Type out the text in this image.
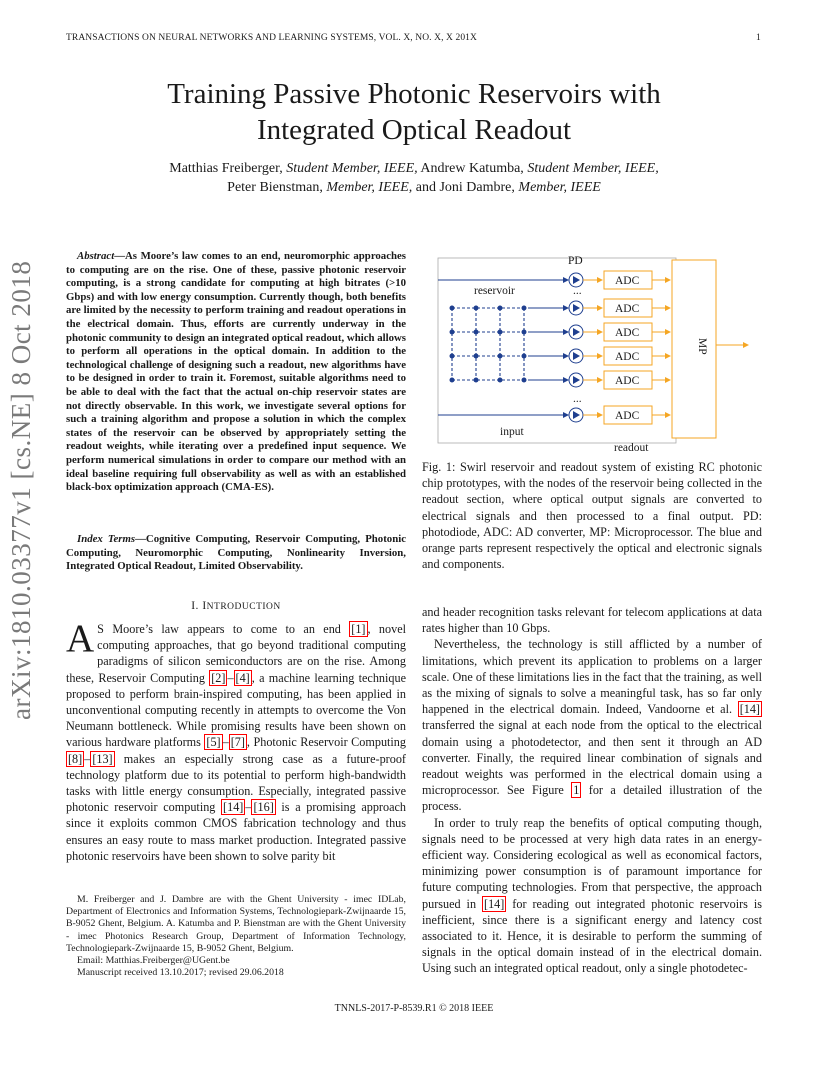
TRANSACTIONS ON NEURAL NETWORKS AND LEARNING SYSTEMS, VOL. X, NO. X, X 201X	1
Training Passive Photonic Reservoirs with
Integrated Optical Readout
Matthias Freiberger, Student Member, IEEE, Andrew Katumba, Student Member, IEEE,
Peter Bienstman, Member, IEEE, and Joni Dambre, Member, IEEE
arXiv:1810.03377v1 [cs.NE] 8 Oct 2018
Abstract—As Moore’s law comes to an end, neuromorphic approaches to computing are on the rise. One of these, passive photonic reservoir computing, is a strong candidate for computing at high bitrates (>10 Gbps) and with low energy consumption. Currently though, both benefits are limited by the necessity to perform training and readout operations in the electrical domain. Thus, efforts are currently underway in the photonic community to design an integrated optical readout, which allows to perform all operations in the optical domain. In addition to the technological challenge of designing such a readout, new algorithms have to be designed in order to train it. Foremost, suitable algorithms need to be able to deal with the fact that the actual on-chip reservoir states are not directly observable. In this work, we investigate several options for such a training algorithm and propose a solution in which the complex states of the reservoir can be observed by appropriately setting the readout weights, while iterating over a predefined input sequence. We perform numerical simulations in order to compare our method with an ideal baseline requiring full observability as well as with an established black-box optimization approach (CMA-ES).
Index Terms—Cognitive Computing, Reservoir Computing, Photonic Computing, Neuromorphic Computing, Nonlinearity Inversion, Integrated Optical Readout, Limited Observability.
I. INTRODUCTION
A S Moore’s law appears to come to an end [1] , novel computing approaches, that go beyond traditional computing paradigms of silicon semiconductors are on the rise. Among these, Reservoir Computing [2] – [4] , a machine learning technique proposed to perform brain-inspired computing, has been applied in unconventional computing recently in attempts to overcome the Von Neumann bottleneck. While promising results have been shown on various hardware platforms [5] – [7] , Photonic Reservoir Computing [8] – [13] makes an especially strong case as a future-proof technology platform due to its potential to perform high-bandwidth tasks with little energy consumption. Especially, integrated passive photonic reservoir computing [14] – [16] is a promising approach since it exploits common CMOS fabrication technology and thus ensures an easy route to mass market production. Integrated passive photonic reservoirs have been shown to solve parity bit

M. Freiberger and J. Dambre are with the Ghent University - imec IDLab, Department of Electronics and Information Systems, Technologiepark-Zwijnaarde 15, B-9052 Ghent, Belgium. A. Katumba and P. Bienstman are with the Ghent University - imec Photonics Research Group, Department of Information Technology, Technologiepark-Zwijnaarde 15, B-9052 Ghent, Belgium.

Email: Matthias.Freiberger@UGent.be

Manuscript received 13.10.2017; revised 29.06.2018

PD
reservoir
input
readout
...
...
ADC
ADC
ADC
ADC
ADC
ADC
MP
Fig. 1: Swirl reservoir and readout system of existing RC photonic chip prototypes, with the nodes of the reservoir being collected in the readout section, where optical output signals are converted to electrical signals and then processed to a final output. PD: photodiode, ADC: AD converter, MP: Microprocessor. The blue and orange parts represent respectively the optical and electronic signals and components.

and header recognition tasks relevant for telecom applications at data rates higher than 10 Gbps.

Nevertheless, the technology is still afflicted by a number of limitations, which prevent its application to problems on a larger scale. One of these limitations lies in the fact that the training, as well as the mixing of signals to solve a meaningful task, has so far only happened in the electrical domain. Indeed, Vandoorne et al. [14] transferred the signal at each node from the optical to the electrical domain using a photodetector, and then sent it through an AD converter. Finally, the required linear combination of signals and readout weights was performed in the electrical domain using a microprocessor. See Figure 1 for a detailed illustration of the process.

In order to truly reap the benefits of optical computing though, signals need to be processed at very high data rates in an energy-efficient way. Considering ecological as well as economical factors, minimizing power consumption is of paramount importance for future computing technologies. From that perspective, the approach pursued in [14] for reading out integrated photonic reservoirs is inefficient, since there is a significant energy and latency cost associated to it. Hence, it is desirable to perform the summing of signals in the optical domain instead of in the electrical domain. Using such an integrated optical readout, only a single photodetec-

TNNLS-2017-P-8539.R1 © 2018 IEEE
